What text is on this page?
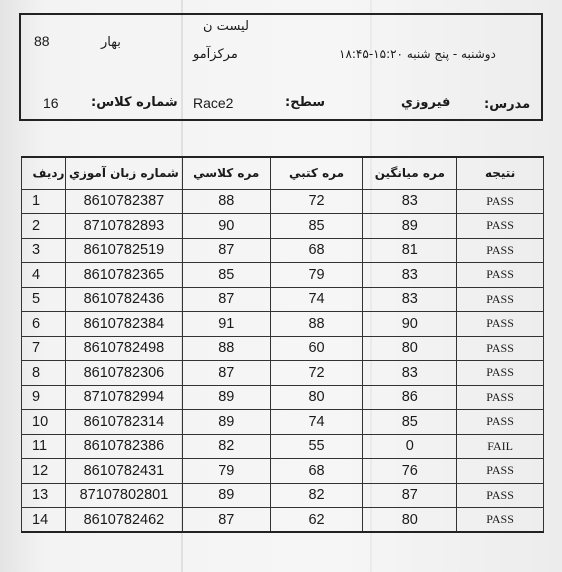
88	بهار
لیست ن
مرکزآمو	دوشنبه - پنج شنبه ۱۵:۲۰-۱۸:۴۵
16 شماره کلاس: Race2	سطح:	فيروزي	مدرس:
ردیف	شماره زبان آموزي	مره كلاسي	مره كتبي	مره ميانگين	نتيجه
1	8610782387	88	72	83	PASS
2	8710782893	90	85	89	PASS
3	8610782519	87	68	81	PASS
4	8610782365	85	79	83	PASS
5	8610782436	87	74	83	PASS
6	8610782384	91	88	90	PASS
7	8610782498	88	60	80	PASS
8	8610782306	87	72	83	PASS
9	8710782994	89	80	86	PASS
10	8610782314	89	74	85	PASS
11	8610782386	82	55	0	FAIL
12	8610782431	79	68	76	PASS
13	87107802801	89	82	87	PASS
14	8610782462	87	62	80	PASS
